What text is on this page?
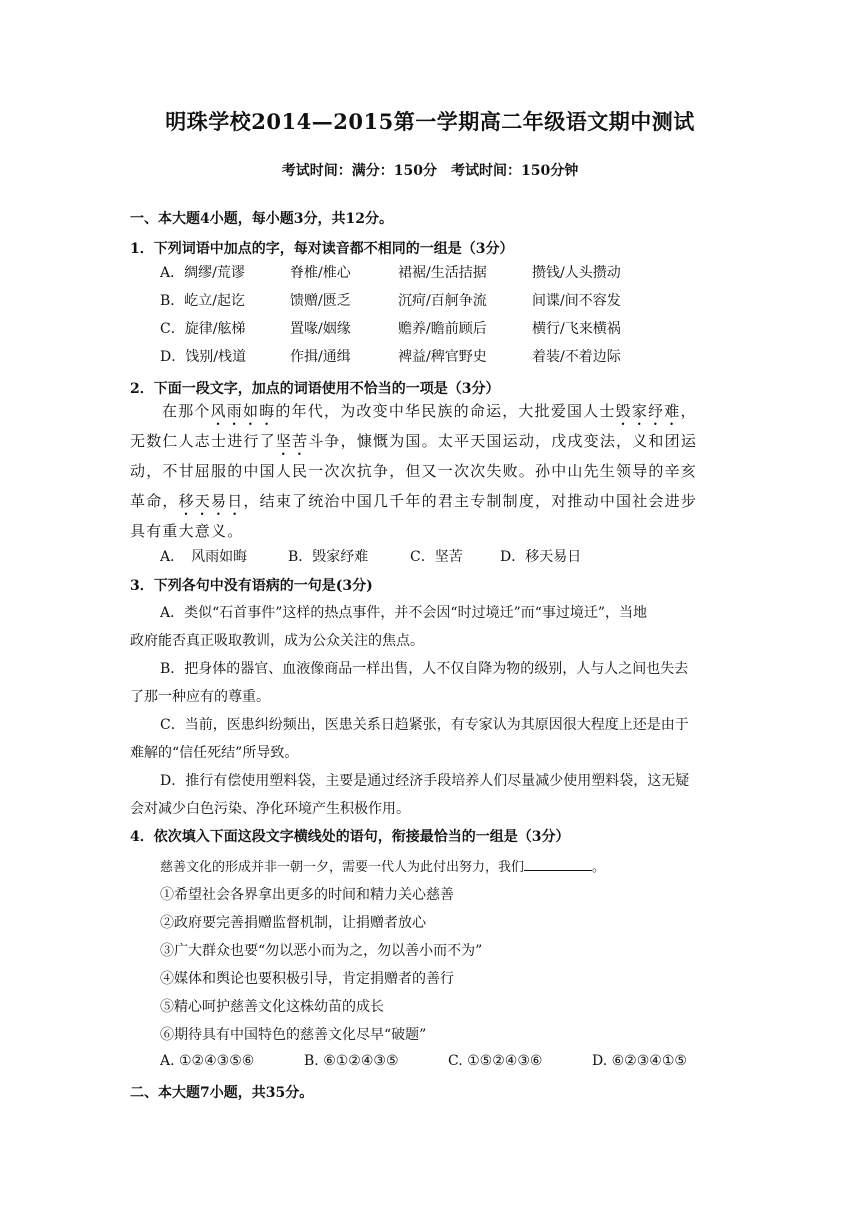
明珠学校2014—2015第一学期高二年级语文期中测试
考试时间：满分：150分　考试时间：150分钟
一、本大题4小题，每小题3分，共12分。
1．下列词语中加点的字，每对读音都不相同的一组是（3分）
A．绸缪/荒谬	脊椎/椎心	裙裾/生活拮据	攒钱/人头攒动
B．屹立/起讫	馈赠/匮乏	沉疴/百舸争流	间谍/间不容发
C．旋律/舷梯	置喙/姻缘	赡养/瞻前顾后	横行/飞来横祸
D．饯别/栈道	作揖/通缉	裨益/稗官野史	着装/不着边际
2．下面一段文字，加点的词语使用不恰当的一项是（3分）
在那个风雨如晦的年代，为改变中华民族的命运，大批爱国人士毁家纾难，
无数仁人志士进行了坚苦斗争，慷慨为国。太平天国运动，戊戌变法，义和团运
动，不甘屈服的中国人民一次次抗争，但又一次次失败。孙中山先生领导的辛亥
革命，移天易日，结束了统治中国几千年的君主专制制度，对推动中国社会进步
具有重大意义。
A．　风雨如晦	B．毁家纾难	C．坚苦	D．移天易日
3．下列各句中没有语病的一句是(3分)
A．类似“石首事件”这样的热点事件，并不会因“时过境迁”而“事过境迁”，当地
政府能否真正吸取教训，成为公众关注的焦点。
B．把身体的器官、血液像商品一样出售，人不仅自降为物的级别，人与人之间也失去
了那一种应有的尊重。
C．当前，医患纠纷频出，医患关系日趋紧张，有专家认为其原因很大程度上还是由于
难解的“信任死结”所导致。
D．推行有偿使用塑料袋，主要是通过经济手段培养人们尽量减少使用塑料袋，这无疑
会对减少白色污染、净化环境产生积极作用。
4．依次填入下面这段文字横线处的语句，衔接最恰当的一组是（3分）
慈善文化的形成并非一朝一夕，需要一代人为此付出努力，我们	。
①希望社会各界拿出更多的时间和精力关心慈善
②政府要完善捐赠监督机制，让捐赠者放心
③广大群众也要“勿以恶小而为之，勿以善小而不为”
④媒体和舆论也要积极引导，肯定捐赠者的善行
⑤精心呵护慈善文化这株幼苗的成长
⑥期待具有中国特色的慈善文化尽早“破题”
A. ①②④③⑤⑥	B. ⑥①②④③⑤	C. ①⑤②④③⑥	D. ⑥②③④①⑤
二、本大题7小题，共35分。
